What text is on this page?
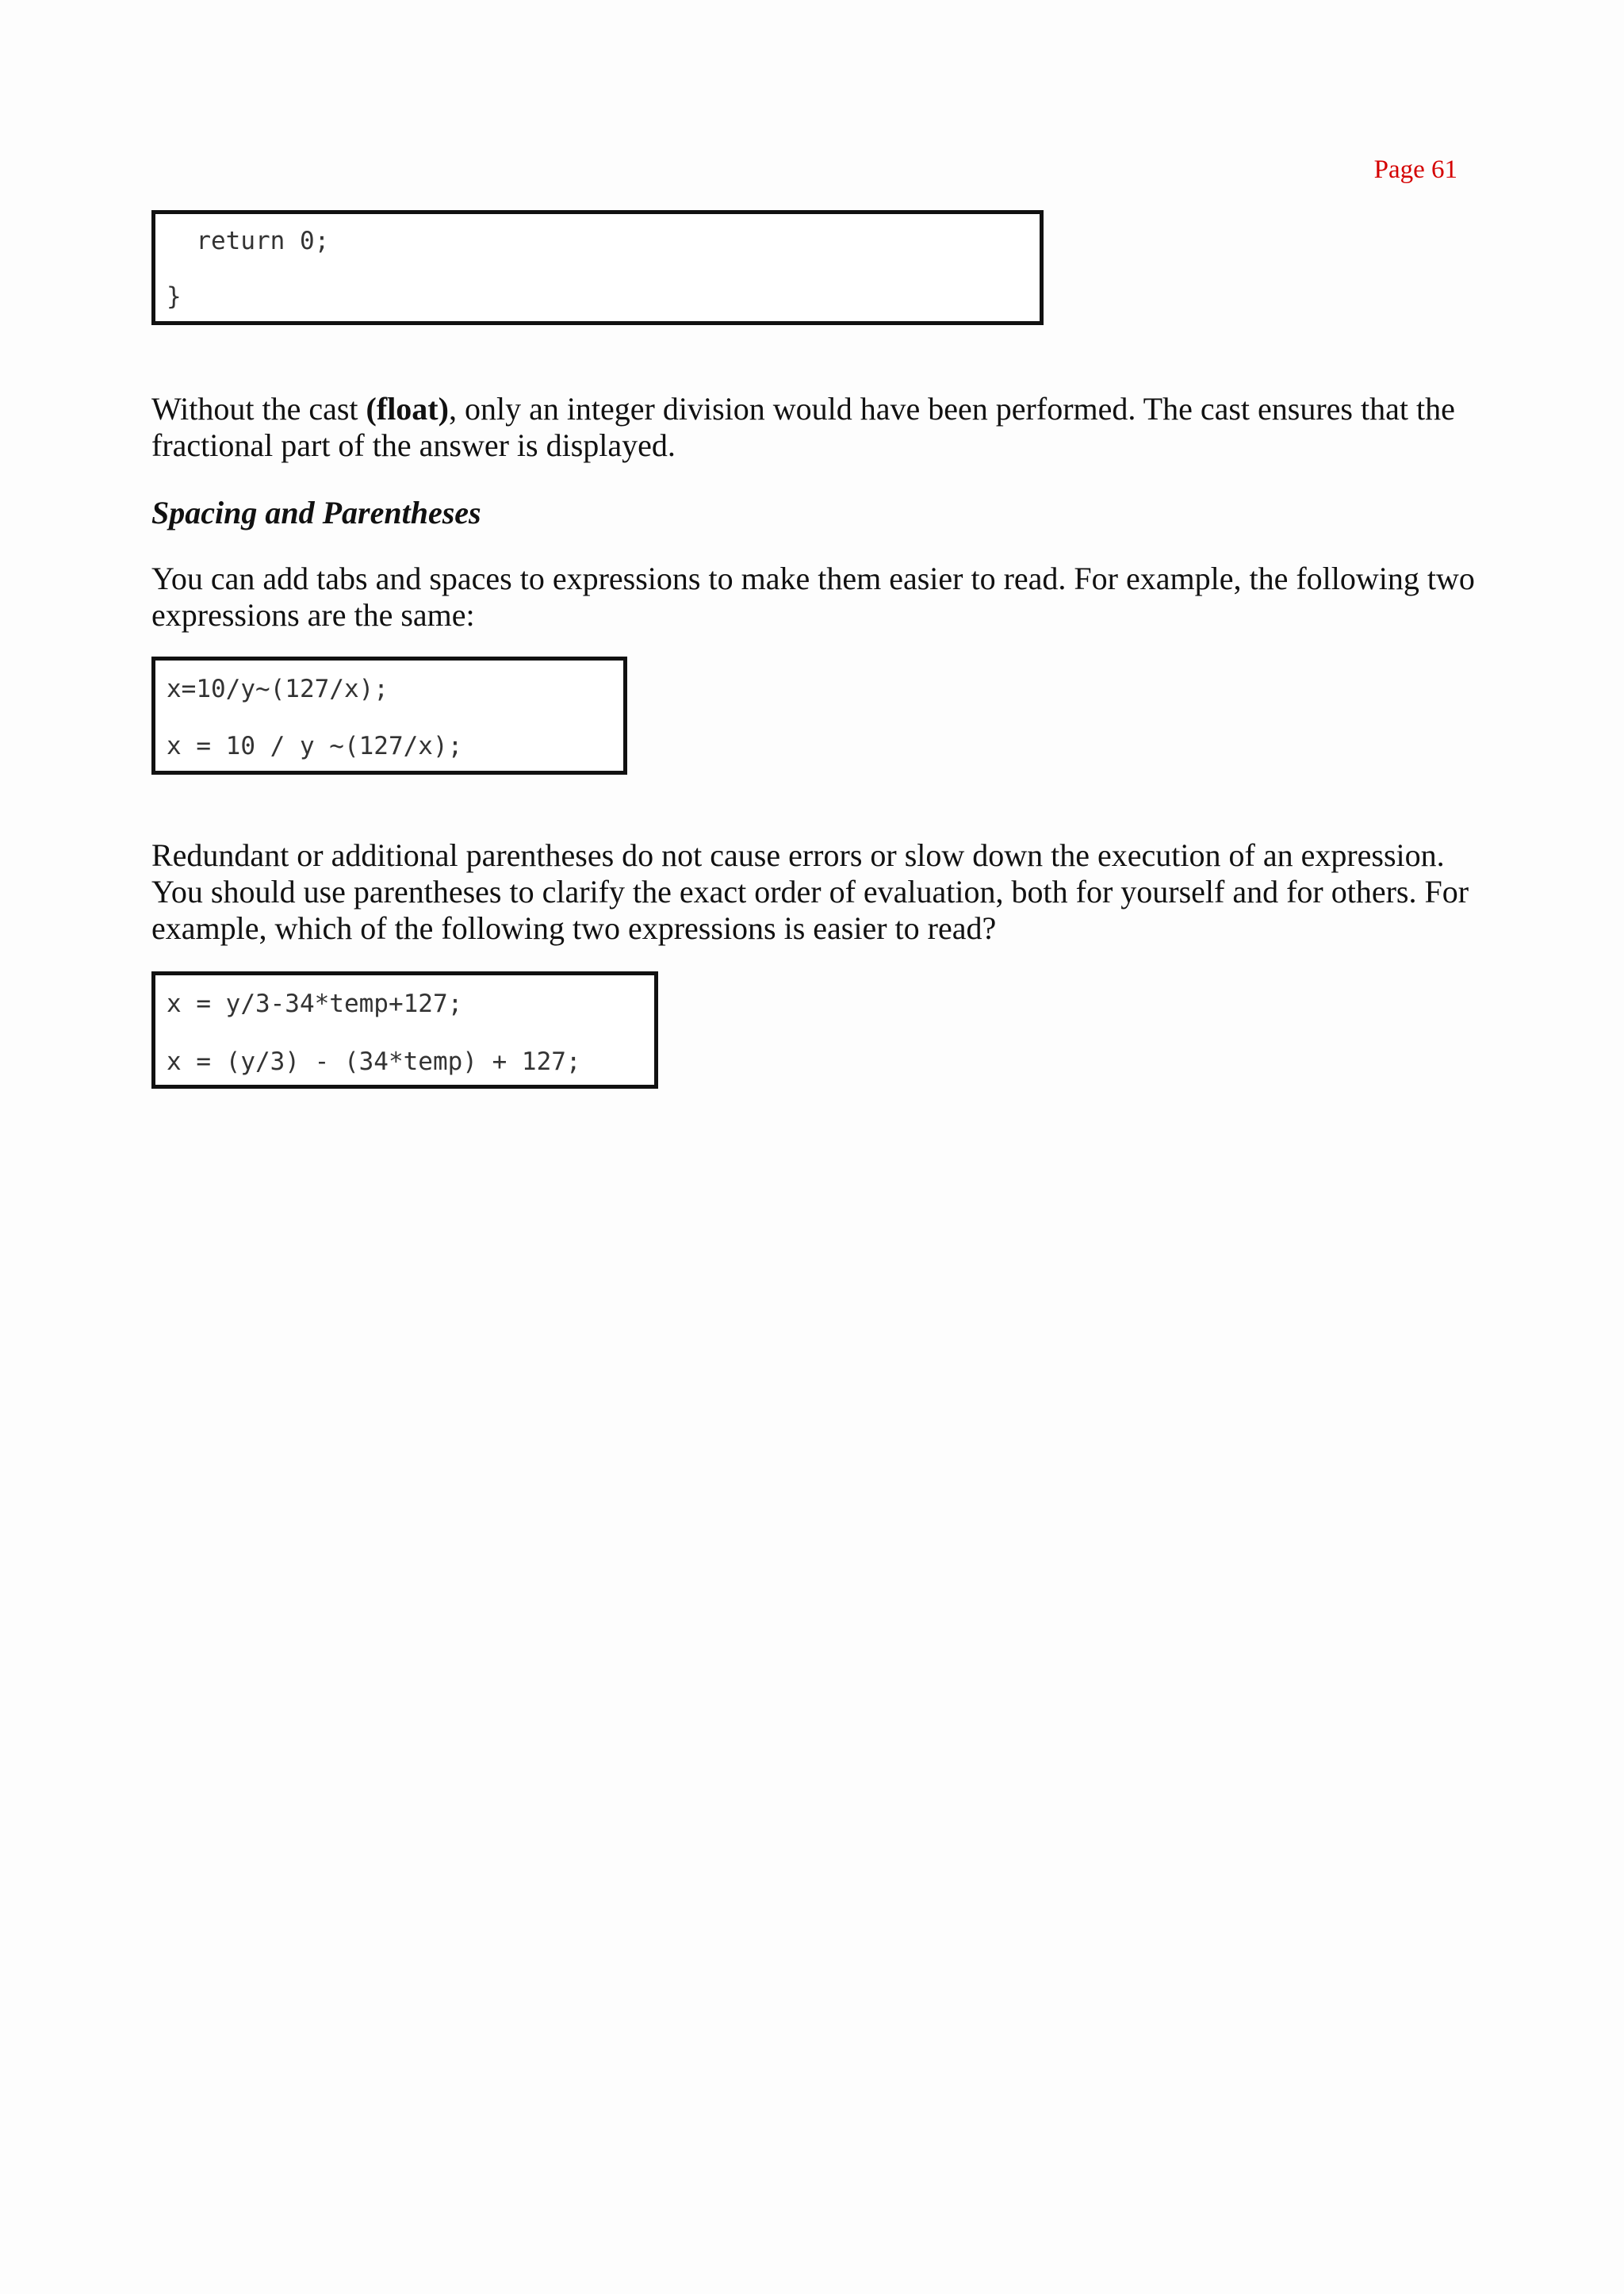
Page 61

return 0;
}

Without the cast (float), only an integer division would have been performed. The cast ensures that the fractional part of the answer is displayed.

Spacing and Parentheses

You can add tabs and spaces to expressions to make them easier to read. For example, the following two expressions are the same:

x=10/y~(127/x);
x = 10 / y ~(127/x);

Redundant or additional parentheses do not cause errors or slow down the execution of an expression. You should use parentheses to clarify the exact order of evaluation, both for yourself and for others. For example, which of the following two expressions is easier to read?

x = y/3-34*temp+127;
x = (y/3) - (34*temp) + 127;
